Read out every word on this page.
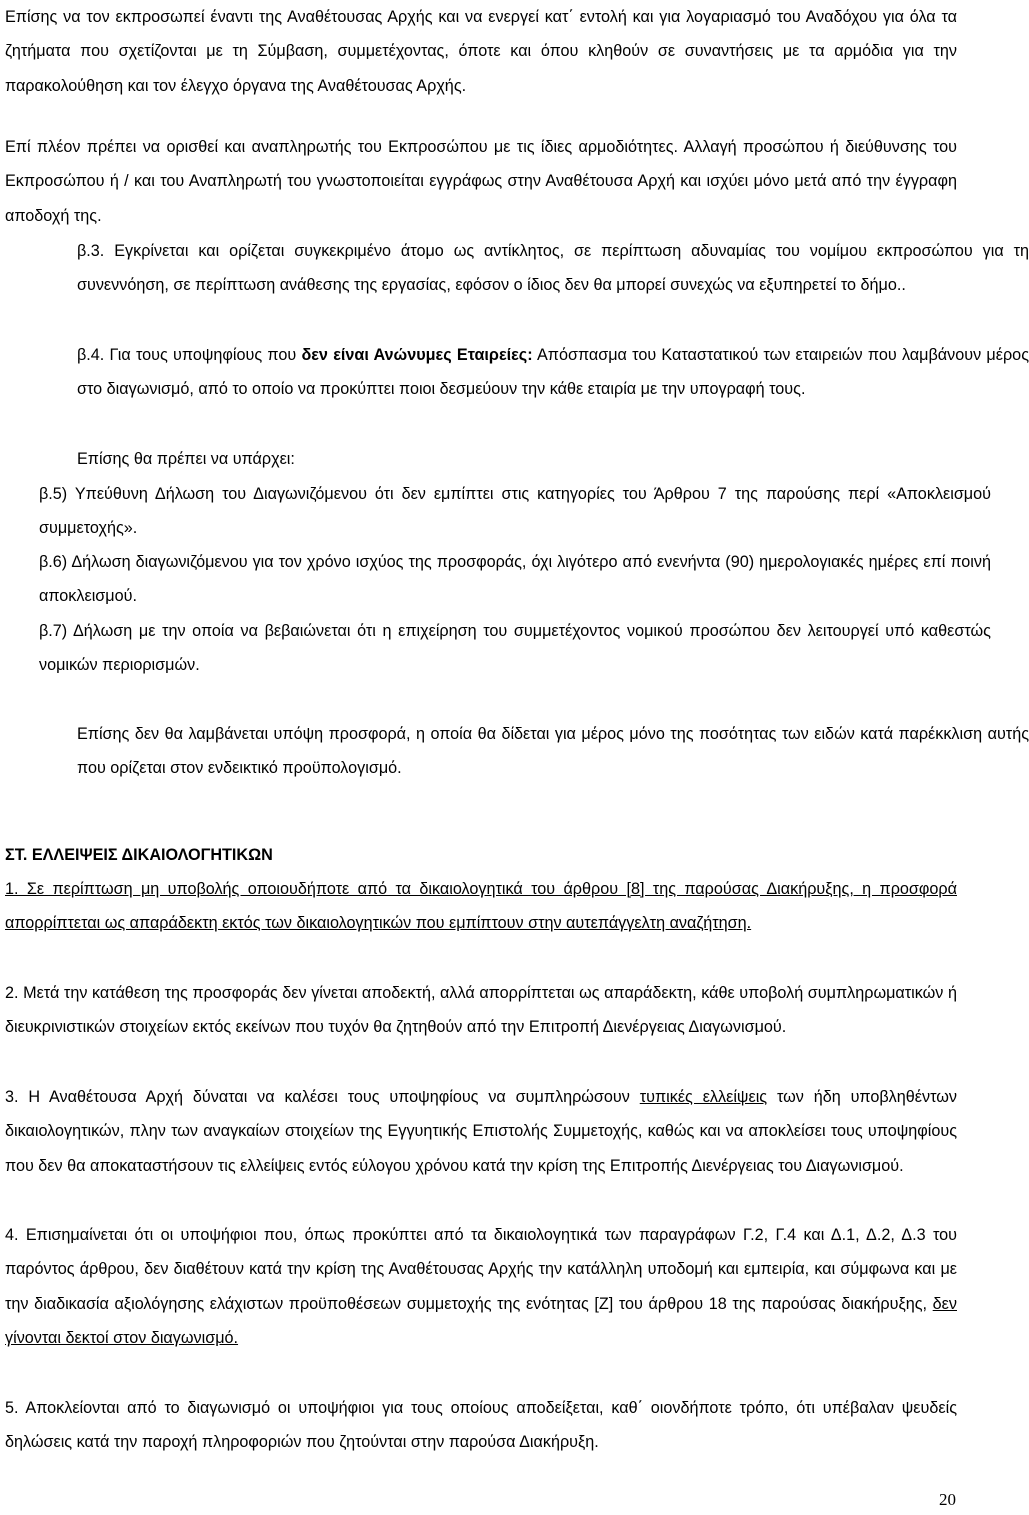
Επίσης να τον εκπροσωπεί έναντι της Αναθέτουσας Αρχής και να ενεργεί κατ΄ εντολή και για λογαριασμό του Αναδόχου για όλα τα ζητήματα που σχετίζονται με τη Σύμβαση, συμμετέχοντας, όποτε και όπου κληθούν σε συναντήσεις με τα αρμόδια για την παρακολούθηση και τον έλεγχο όργανα της Αναθέτουσας Αρχής.

Επί πλέον πρέπει να ορισθεί και αναπληρωτής του Εκπροσώπου με τις ίδιες αρμοδιότητες. Αλλαγή προσώπου ή διεύθυνσης του Εκπροσώπου ή / και του Αναπληρωτή του γνωστοποιείται εγγράφως στην Αναθέτουσα Αρχή και ισχύει μόνο μετά από την έγγραφη αποδοχή της.

β.3. Εγκρίνεται και ορίζεται συγκεκριμένο άτομο ως αντίκλητος, σε περίπτωση αδυναμίας του νομίμου εκπροσώπου για τη συνεννόηση, σε περίπτωση ανάθεσης της εργασίας, εφόσον ο ίδιος δεν θα μπορεί συνεχώς να εξυπηρετεί το δήμο..

β.4. Για τους υποψηφίους που δεν είναι Ανώνυμες Εταιρείες: Απόσπασμα του Καταστατικού των εταιρειών που λαμβάνουν μέρος στο διαγωνισμό, από το οποίο να προκύπτει ποιοι δεσμεύουν την κάθε εταιρία με την υπογραφή τους.

Επίσης θα πρέπει να υπάρχει:

β.5) Υπεύθυνη Δήλωση του Διαγωνιζόμενου ότι δεν εμπίπτει στις κατηγορίες του Άρθρου 7 της παρούσης περί «Αποκλεισμού συμμετοχής».

β.6) Δήλωση διαγωνιζόμενου για τον χρόνο ισχύος της προσφοράς, όχι λιγότερο από ενενήντα (90) ημερολογιακές ημέρες επί ποινή αποκλεισμού.

β.7) Δήλωση με την οποία να βεβαιώνεται ότι η επιχείρηση του συμμετέχοντος νομικού προσώπου δεν λειτουργεί υπό καθεστώς νομικών περιορισμών.

Επίσης δεν θα λαμβάνεται υπόψη προσφορά, η οποία θα δίδεται για μέρος μόνο της ποσότητας των ειδών κατά παρέκκλιση αυτής που ορίζεται στον ενδεικτικό προϋπολογισμό.

ΣΤ. ΕΛΛΕΙΨΕΙΣ ΔΙΚΑΙΟΛΟΓΗΤΙΚΩΝ

1. Σε περίπτωση μη υποβολής οποιουδήποτε από τα δικαιολογητικά του άρθρου [8] της παρούσας Διακήρυξης, η προσφορά απορρίπτεται ως απαράδεκτη εκτός των δικαιολογητικών που εμπίπτουν στην αυτεπάγγελτη αναζήτηση.

2. Μετά την κατάθεση της προσφοράς δεν γίνεται αποδεκτή, αλλά απορρίπτεται ως απαράδεκτη, κάθε υποβολή συμπληρωματικών ή διευκρινιστικών στοιχείων εκτός εκείνων που τυχόν θα ζητηθούν από την Επιτροπή Διενέργειας Διαγωνισμού.

3. Η Αναθέτουσα Αρχή δύναται να καλέσει τους υποψηφίους να συμπληρώσουν τυπικές ελλείψεις των ήδη υποβληθέντων δικαιολογητικών, πλην των αναγκαίων στοιχείων της Εγγυητικής Επιστολής Συμμετοχής, καθώς και να αποκλείσει τους υποψηφίους που δεν θα αποκαταστήσουν τις ελλείψεις εντός εύλογου χρόνου κατά την κρίση της Επιτροπής Διενέργειας του Διαγωνισμού.

4. Επισημαίνεται ότι οι υποψήφιοι που, όπως προκύπτει από τα δικαιολογητικά των παραγράφων Γ.2, Γ.4 και Δ.1, Δ.2, Δ.3 του παρόντος άρθρου, δεν διαθέτουν κατά την κρίση της Αναθέτουσας Αρχής την κατάλληλη υποδομή και εμπειρία, και σύμφωνα και με την διαδικασία αξιολόγησης ελάχιστων προϋποθέσεων συμμετοχής της ενότητας [Ζ] του άρθρου 18 της παρούσας διακήρυξης, δεν γίνονται δεκτοί στον διαγωνισμό.

5. Αποκλείονται από το διαγωνισμό οι υποψήφιοι για τους οποίους αποδείξεται, καθ΄ οιονδήποτε τρόπο, ότι υπέβαλαν ψευδείς δηλώσεις κατά την παροχή πληροφοριών που ζητούνται στην παρούσα Διακήρυξη.

20
